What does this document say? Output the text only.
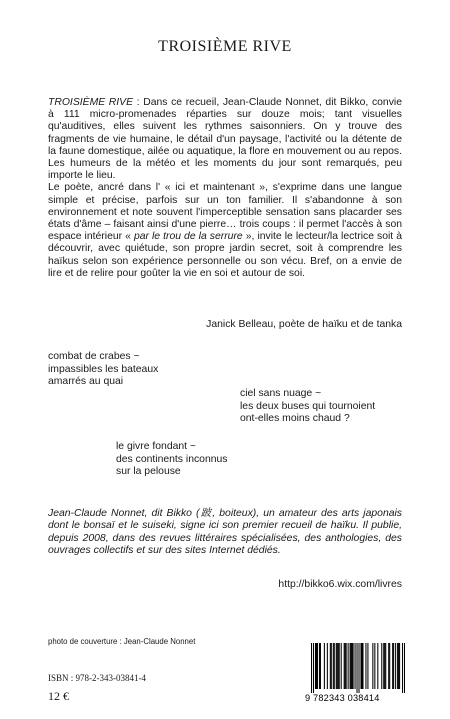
TROISIÈME RIVE

TROISIÈME RIVE : Dans ce recueil, Jean-Claude Nonnet, dit Bikko, convie à 111 micro-promenades réparties sur douze mois; tant visuelles qu'auditives, elles suivent les rythmes saisonniers. On y trouve des fragments de vie humaine, le détail d'un paysage, l'activité ou la détente de la faune domestique, ailée ou aquatique, la flore en mouvement ou au repos. Les humeurs de la météo et les moments du jour sont remarqués, peu importe le lieu.

Le poète, ancré dans l' « ici et maintenant », s'exprime dans une langue simple et précise, parfois sur un ton familier. Il s'abandonne à son environnement et note souvent l'imperceptible sensation sans placarder ses états d'âme – faisant ainsi d'une pierre… trois coups : il permet l'accès à son espace intérieur « par le trou de la serrure », invite le lecteur/la lectrice soit à découvrir, avec quiétude, son propre jardin secret, soit à comprendre les haïkus selon son expérience personnelle ou son vécu. Bref, on a envie de lire et de relire pour goûter la vie en soi et autour de soi.

Janick Belleau, poète de haïku et de tanka
combat de crabes ~
impassibles les bateaux
amarrés au quai
ciel sans nuage ~
les deux buses qui tournoient
ont-elles moins chaud ?
le givre fondant ~
des continents inconnus
sur la pelouse
Jean-Claude Nonnet, dit Bikko (跛, boiteux), un amateur des arts japonais dont le bonsaï et le suiseki, signe ici son premier recueil de haïku. Il publie, depuis 2008, dans des revues littéraires spécialisées, des anthologies, des ouvrages collectifs et sur des sites Internet dédiés.
http://bikko6.wix.com/livres
photo de couverture : Jean-Claude Nonnet
ISBN : 978-2-343-03841-4
12 €	9 782343 038414
